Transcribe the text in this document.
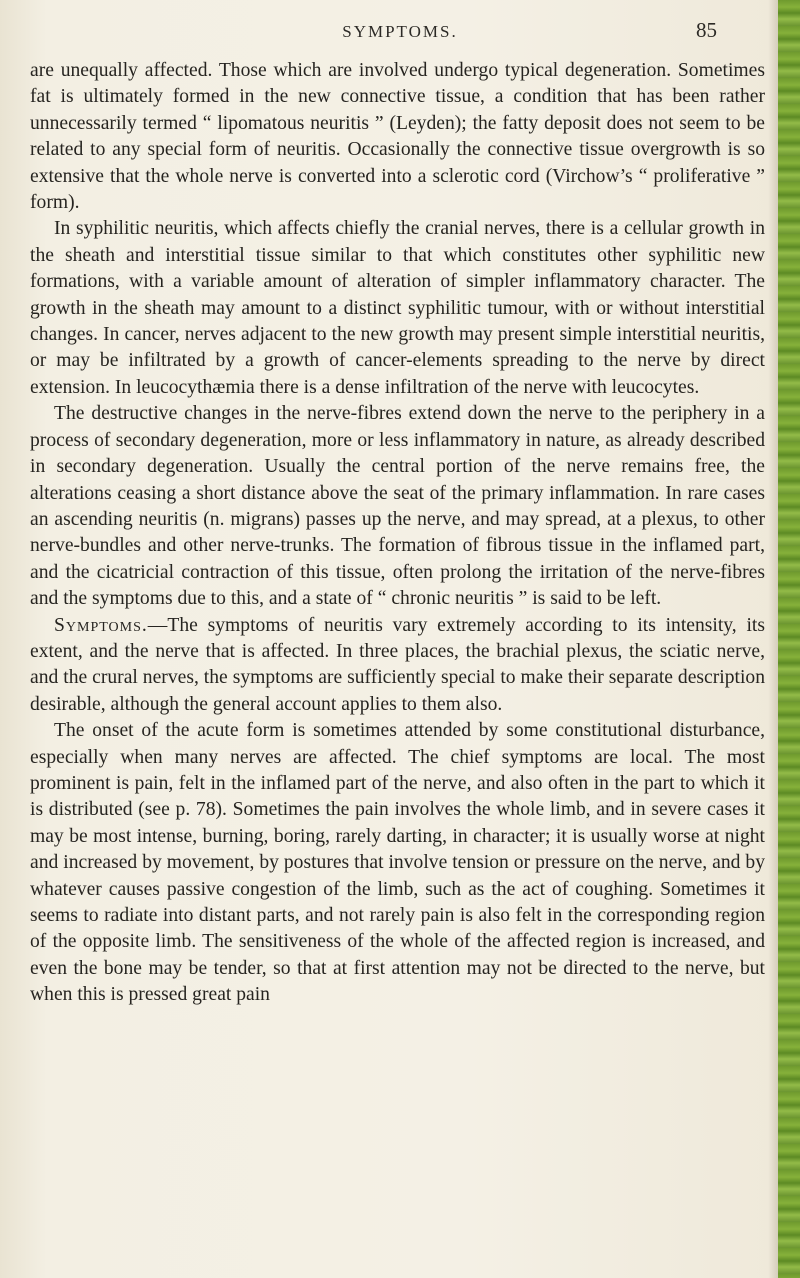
SYMPTOMS.	85

are unequally affected. Those which are involved undergo typical degeneration. Sometimes fat is ultimately formed in the new connective tissue, a condition that has been rather unnecessarily termed “ lipomatous neuritis ” (Leyden); the fatty deposit does not seem to be related to any special form of neuritis. Occasionally the connective tissue overgrowth is so extensive that the whole nerve is converted into a sclerotic cord (Virchow’s “ proliferative ” form).

In syphilitic neuritis, which affects chiefly the cranial nerves, there is a cellular growth in the sheath and interstitial tissue similar to that which constitutes other syphilitic new formations, with a variable amount of alteration of simpler inflammatory character. The growth in the sheath may amount to a distinct syphilitic tumour, with or without interstitial changes. In cancer, nerves adjacent to the new growth may present simple interstitial neuritis, or may be infiltrated by a growth of cancer-elements spreading to the nerve by direct extension. In leucocythæmia there is a dense infiltration of the nerve with leucocytes.

The destructive changes in the nerve-fibres extend down the nerve to the periphery in a process of secondary degeneration, more or less inflammatory in nature, as already described in secondary degeneration. Usually the central portion of the nerve remains free, the alterations ceasing a short distance above the seat of the primary inflammation. In rare cases an ascending neuritis (n. migrans) passes up the nerve, and may spread, at a plexus, to other nerve-bundles and other nerve-trunks. The formation of fibrous tissue in the inflamed part, and the cicatricial contraction of this tissue, often prolong the irritation of the nerve-fibres and the symptoms due to this, and a state of “ chronic neuritis ” is said to be left.

Symptoms.—The symptoms of neuritis vary extremely according to its intensity, its extent, and the nerve that is affected. In three places, the brachial plexus, the sciatic nerve, and the crural nerves, the symptoms are sufficiently special to make their separate description desirable, although the general account applies to them also.

The onset of the acute form is sometimes attended by some constitutional disturbance, especially when many nerves are affected. The chief symptoms are local. The most prominent is pain, felt in the inflamed part of the nerve, and also often in the part to which it is distributed (see p. 78). Sometimes the pain involves the whole limb, and in severe cases it may be most intense, burning, boring, rarely darting, in character; it is usually worse at night and increased by movement, by postures that involve tension or pressure on the nerve, and by whatever causes passive congestion of the limb, such as the act of coughing. Sometimes it seems to radiate into distant parts, and not rarely pain is also felt in the corresponding region of the opposite limb. The sensitiveness of the whole of the affected region is increased, and even the bone may be tender, so that at first attention may not be directed to the nerve, but when this is pressed great pain
